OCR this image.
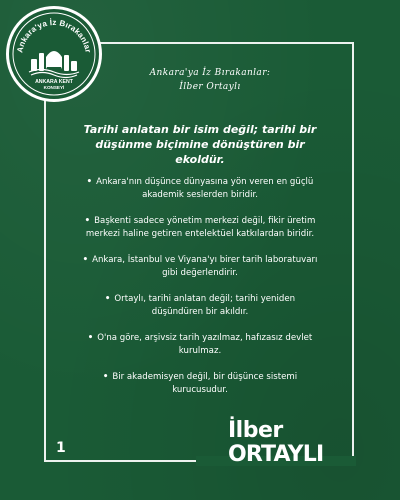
Ankara'ya İz Bırakanlar
ANKARA KENT
KONSEYİ
Ankara'ya İz Bırakanlar:
İlber Ortaylı
Tarihi anlatan bir isim değil; tarihi bir düşünme biçimine dönüştüren bir ekoldür.
• Ankara'nın düşünce dünyasına yön veren en güçlü akademik seslerden biridir.
• Başkenti sadece yönetim merkezi değil, fikir üretim merkezi haline getiren entelektüel katkılardan biridir.
• Ankara, İstanbul ve Viyana'yı birer tarih laboratuvarı gibi değerlendirir.
• Ortaylı, tarihi anlatan değil; tarihi yeniden düşündüren bir akıldır.
• O'na göre, arşivsiz tarih yazılmaz, hafızasız devlet kurulmaz.
• Bir akademisyen değil, bir düşünce sistemi kurucusudur.
1
İlber
ORTAYLI
